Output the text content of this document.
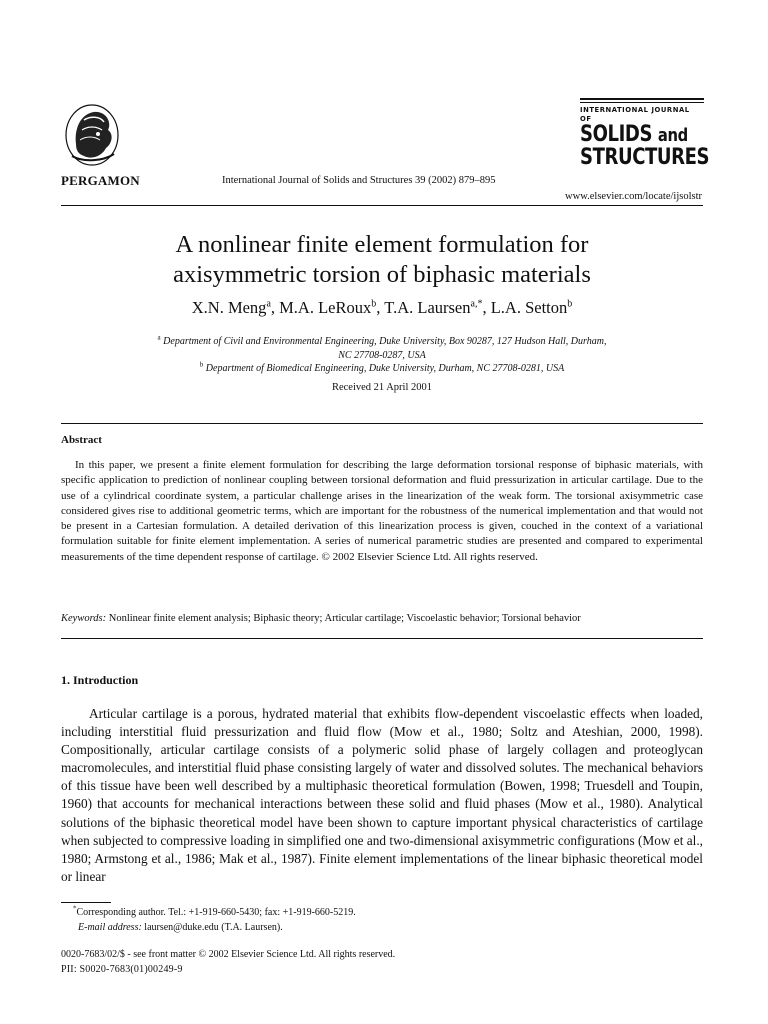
PERGAMON	International Journal of Solids and Structures 39 (2002) 879–895
INTERNATIONAL JOURNAL OF
SOLIDS and
STRUCTURES
www.elsevier.com/locate/ijsolstr
A nonlinear finite element formulation for
axisymmetric torsion of biphasic materials
X.N. Meng$^a$, M.A. LeRoux$^b$, T.A. Laursen$^{a,*}$, L.A. Setton$^b$
$^a$ Department of Civil and Environmental Engineering, Duke University, Box 90287, 127 Hudson Hall, Durham,
NC 27708-0287, USA
$^b$ Department of Biomedical Engineering, Duke University, Durham, NC 27708-0281, USA
Received 21 April 2001
Abstract
In this paper, we present a finite element formulation for describing the large deformation torsional response of biphasic materials, with specific application to prediction of nonlinear coupling between torsional deformation and fluid pressurization in articular cartilage. Due to the use of a cylindrical coordinate system, a particular challenge arises in the linearization of the weak form. The torsional axisymmetric case considered gives rise to additional geometric terms, which are important for the robustness of the numerical implementation and that would not be present in a Cartesian formulation. A detailed derivation of this linearization process is given, couched in the context of a variational formulation suitable for finite element implementation. A series of numerical parametric studies are presented and compared to experimental measurements of the time dependent response of cartilage. © 2002 Elsevier Science Ltd. All rights reserved.
Keywords: Nonlinear finite element analysis; Biphasic theory; Articular cartilage; Viscoelastic behavior; Torsional behavior
1. Introduction
Articular cartilage is a porous, hydrated material that exhibits flow-dependent viscoelastic effects when loaded, including interstitial fluid pressurization and fluid flow (Mow et al., 1980; Soltz and Ateshian, 2000, 1998). Compositionally, articular cartilage consists of a polymeric solid phase of largely collagen and proteoglycan macromolecules, and interstitial fluid phase consisting largely of water and dissolved solutes. The mechanical behaviors of this tissue have been well described by a multiphasic theoretical formulation (Bowen, 1998; Truesdell and Toupin, 1960) that accounts for mechanical interactions between these solid and fluid phases (Mow et al., 1980). Analytical solutions of the biphasic theoretical model have been shown to capture important physical characteristics of cartilage when subjected to compressive loading in simplified one and two-dimensional axisymmetric configurations (Mow et al., 1980; Armstong et al., 1986; Mak et al., 1987). Finite element implementations of the linear biphasic theoretical model or linear
*Corresponding author. Tel.: +1-919-660-5430; fax: +1-919-660-5219.
E-mail address: laursen@duke.edu (T.A. Laursen).
0020-7683/02/$ - see front matter © 2002 Elsevier Science Ltd. All rights reserved.
PII: S0020-7683(01)00249-9
